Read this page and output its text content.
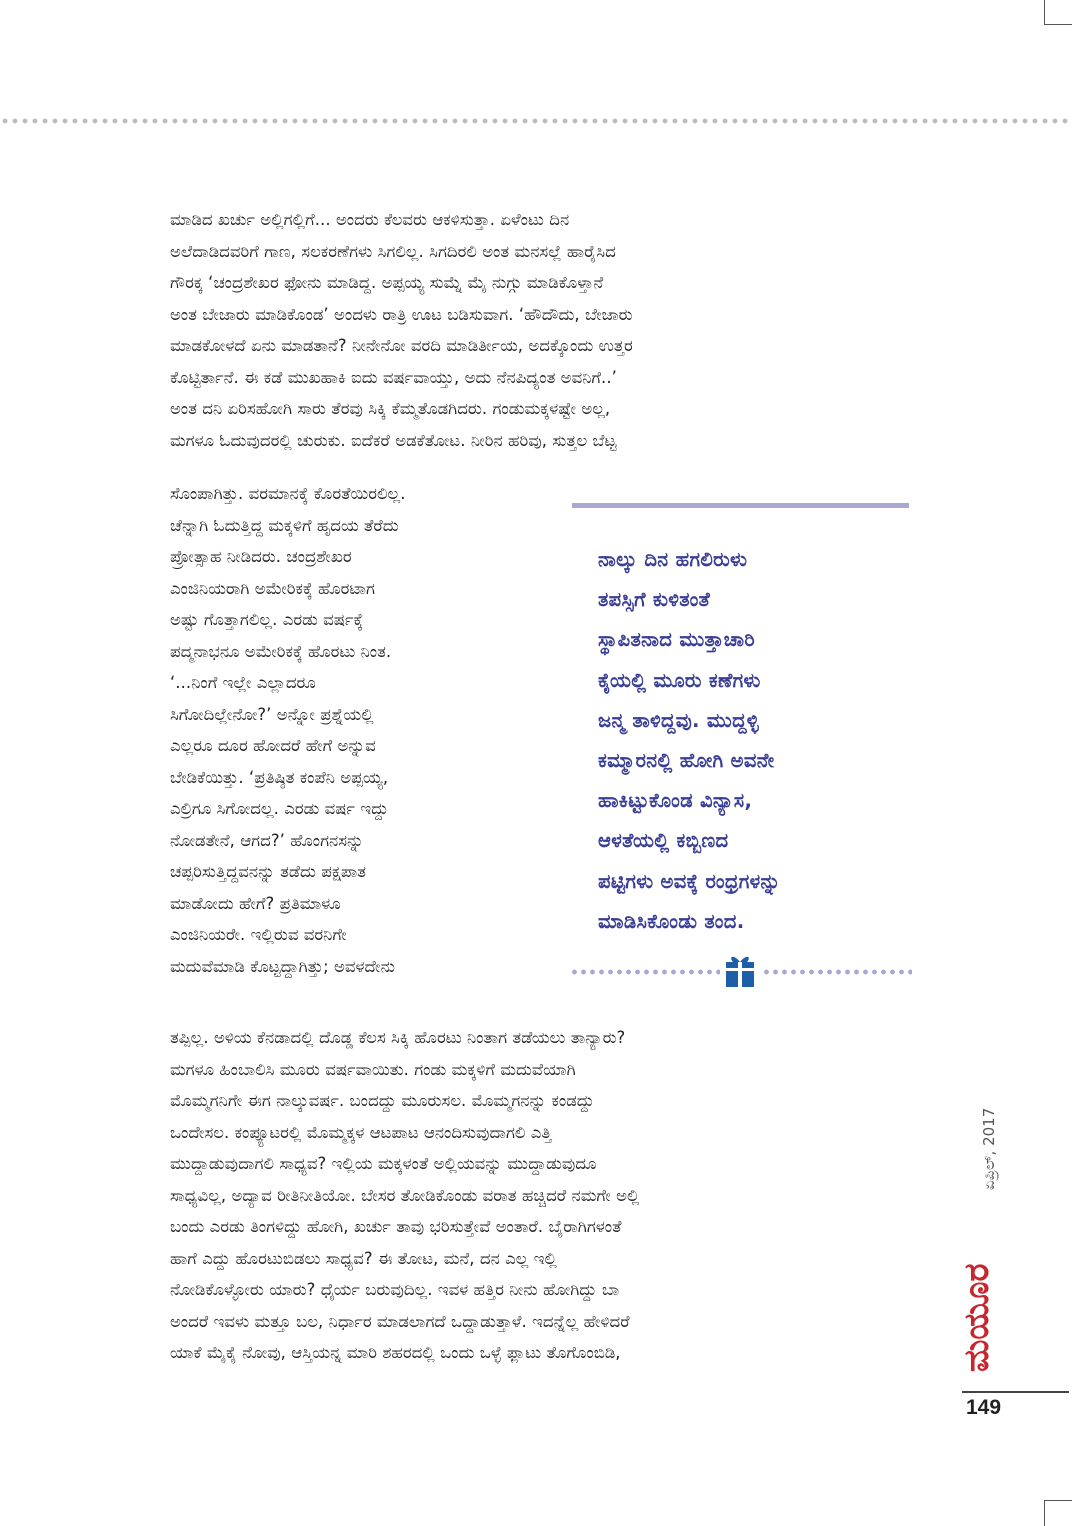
ಮಾಡಿದ ಖರ್ಚು ಅಲ್ಲಿಗಲ್ಲಿಗೆ... ಅಂದರು ಕೆಲವರು ಆಕಳಿಸುತ್ತಾ. ಏಳೆಂಟು ದಿನ
ಅಲೆದಾಡಿದವರಿಗೆ ಗಾಣ, ಸಲಕರಣೆಗಳು ಸಿಗಲಿಲ್ಲ. ಸಿಗದಿರಲಿ ಅಂತ ಮನಸಲ್ಲೆ ಹಾರೈಸಿದ
ಗೌರಕ್ಕ ‘ಚಂದ್ರಶೇಖರ ಫೋನು ಮಾಡಿದ್ದ. ಅಪ್ಪಯ್ಯ ಸುಮ್ನೆ ಮೈ ನುಗ್ಗು ಮಾಡಿಕೊಳ್ತಾನೆ
ಅಂತ ಬೇಜಾರು ಮಾಡಿಕೊಂಡ’ ಅಂದಳು ರಾತ್ರಿ ಊಟ ಬಡಿಸುವಾಗ. ‘ಹೌದೌದು, ಬೇಜಾರು
ಮಾಡಕೋಳದೆ ಏನು ಮಾಡತಾನೆ? ನೀನೇನೋ ವರದಿ ಮಾಡಿರ್ತೀಯ, ಅದಕ್ಕೊಂದು ಉತ್ತರ
ಕೊಟ್ಟಿರ್ತಾನೆ. ಈ ಕಡೆ ಮುಖಹಾಕಿ ಐದು ವರ್ಷವಾಯ್ತು, ಅದು ನೆನಪಿದ್ಯಂತ ಅವನಿಗೆ..’
ಅಂತ ದನಿ ಏರಿಸಹೋಗಿ ಸಾರು ತೆರವು ಸಿಕ್ಕಿ ಕೆಮ್ಮತೊಡಗಿದರು. ಗಂಡುಮಕ್ಕಳಷ್ಟೇ ಅಲ್ಲ,
ಮಗಳೂ ಓದುವುದರಲ್ಲಿ ಚುರುಕು. ಐದೆಕರೆ ಅಡಕೆತೋಟ. ನೀರಿನ ಹರಿವು, ಸುತ್ತಲ ಬೆಟ್ಟ
ಸೊಂಪಾಗಿತ್ತು. ವರಮಾನಕ್ಕೆ ಕೊರತೆಯಿರಲಿಲ್ಲ.
ಚೆನ್ನಾಗಿ ಓದುತ್ತಿದ್ದ ಮಕ್ಕಳಿಗೆ ಹೃದಯ ತೆರೆದು
ಪ್ರೋತ್ಸಾಹ ನೀಡಿದರು. ಚಂದ್ರಶೇಖರ
ಎಂಜಿನಿಯರಾಗಿ ಅಮೇರಿಕಕ್ಕೆ ಹೊರಟಾಗ
ಅಷ್ಟು ಗೊತ್ತಾಗಲಿಲ್ಲ. ಎರಡು ವರ್ಷಕ್ಕೆ
ಪದ್ಮನಾಭನೂ ಅಮೇರಿಕಕ್ಕೆ ಹೊರಟು ನಿಂತ.
‘...ನಿಂಗೆ ಇಲ್ಲೇ ಎಲ್ಲಾದರೂ
ಸಿಗೋದಿಲ್ಲೇನೋ?’ ಅನ್ನೋ ಪ್ರಶ್ನೆಯಲ್ಲಿ
ಎಲ್ಲರೂ ದೂರ ಹೋದರೆ ಹೇಗೆ ಅನ್ನುವ
ಬೇಡಿಕೆಯಿತ್ತು. ‘ಪ್ರತಿಷ್ಠಿತ ಕಂಪೆನಿ ಅಪ್ಪಯ್ಯ,
ಎಲ್ರಿಗೂ ಸಿಗೋದಲ್ಲ. ಎರಡು ವರ್ಷ ಇದ್ದು
ನೋಡತೇನೆ, ಆಗದ?’ ಹೊಂಗನಸನ್ನು
ಚಪ್ಪರಿಸುತ್ತಿದ್ದವನನ್ನು ತಡೆದು ಪಕ್ಷಪಾತ
ಮಾಡೋದು ಹೇಗೆ? ಪ್ರತಿಮಾಳೂ
ಎಂಜಿನಿಯರೇ. ಇಲ್ಲಿರುವ ವರನಿಗೇ
ಮದುವೆಮಾಡಿ ಕೊಟ್ಟದ್ದಾಗಿತ್ತು; ಅವಳದೇನು
ನಾಲ್ಕು ದಿನ ಹಗಲಿರುಳು
ತಪಸ್ಸಿಗೆ ಕುಳಿತಂತೆ
ಸ್ಥಾಪಿತನಾದ ಮುತ್ತಾಚಾರಿ
ಕೈಯಲ್ಲಿ ಮೂರು ಕಣೆಗಳು
ಜನ್ಮ ತಾಳಿದ್ದವು. ಮುದ್ದಳ್ಳಿ
ಕಮ್ಮಾರನಲ್ಲಿ ಹೋಗಿ ಅವನೇ
ಹಾಕಿಟ್ಟುಕೊಂಡ ವಿನ್ಯಾಸ,
ಆಳತೆಯಲ್ಲಿ ಕಬ್ಬಿಣದ
ಪಟ್ಟಿಗಳು ಅವಕ್ಕೆ ರಂಧ್ರಗಳನ್ನು
ಮಾಡಿಸಿಕೊಂಡು ತಂದ.
ತಪ್ಪಿಲ್ಲ. ಅಳಿಯ ಕೆನಡಾದಲ್ಲಿ ದೊಡ್ಡ ಕೆಲಸ ಸಿಕ್ಕಿ ಹೊರಟು ನಿಂತಾಗ ತಡೆಯಲು ತಾನ್ಯಾರು?
ಮಗಳೂ ಹಿಂಬಾಲಿಸಿ ಮೂರು ವರ್ಷವಾಯಿತು. ಗಂಡು ಮಕ್ಕಳಿಗೆ ಮದುವೆಯಾಗಿ
ಮೊಮ್ಮಗನಿಗೇ ಈಗ ನಾಲ್ಕುವರ್ಷ. ಬಂದದ್ದು ಮೂರುಸಲ. ಮೊಮ್ಮಗನನ್ನು ಕಂಡದ್ದು
ಒಂದೇಸಲ. ಕಂಪ್ಯೂಟರಲ್ಲಿ ಮೊಮ್ಮಕ್ಕಳ ಆಟಪಾಟ ಆನಂದಿಸುವುದಾಗಲಿ ಎತ್ತಿ
ಮುದ್ದಾಡುವುದಾಗಲಿ ಸಾಧ್ಯವ? ಇಲ್ಲಿಯ ಮಕ್ಕಳಂತೆ ಅಲ್ಲಿಯವನ್ನು ಮುದ್ದಾಡುವುದೂ
ಸಾಧ್ಯವಿಲ್ಲ, ಅದ್ಯಾವ ರೀತಿನೀತಿಯೋ. ಬೇಸರ ತೋಡಿಕೊಂಡು ವರಾತ ಹಚ್ಚಿದರೆ ನಮಗೇ ಅಲ್ಲಿ
ಬಂದು ಎರಡು ತಿಂಗಳಿದ್ದು ಹೋಗಿ, ಖರ್ಚು ತಾವು ಭರಿಸುತ್ತೇವೆ ಅಂತಾರೆ. ಬೈರಾಗಿಗಳಂತೆ
ಹಾಗೆ ಎದ್ದು ಹೊರಟುಬಿಡಲು ಸಾಧ್ಯವ? ಈ ತೋಟ, ಮನೆ, ದನ ಎಲ್ಲ ಇಲ್ಲಿ
ನೋಡಿಕೊಳ್ಳೋರು ಯಾರು? ಧೈರ್ಯ ಬರುವುದಿಲ್ಲ. ಇವಳ ಹತ್ತಿರ ನೀನು ಹೋಗಿದ್ದು ಬಾ
ಅಂದರೆ ಇವಳು ಮತ್ತೂ ಬಲ, ನಿರ್ಧಾರ ಮಾಡಲಾಗದೆ ಒದ್ದಾಡುತ್ತಾಳೆ. ಇದನ್ನೆಲ್ಲ ಹೇಳಿದರೆ
ಯಾಕೆ ಮೈಕೈ ನೋವು, ಆಸ್ತಿಯನ್ನ ಮಾರಿ ಶಹರದಲ್ಲಿ ಒಂದು ಒಳ್ಳೆ ಫ್ಲಾಟು ತೊಗೊಂಬಿಡಿ,
ಏಪ್ರಿಲ್, 2017
ಮಯೂರ
149
